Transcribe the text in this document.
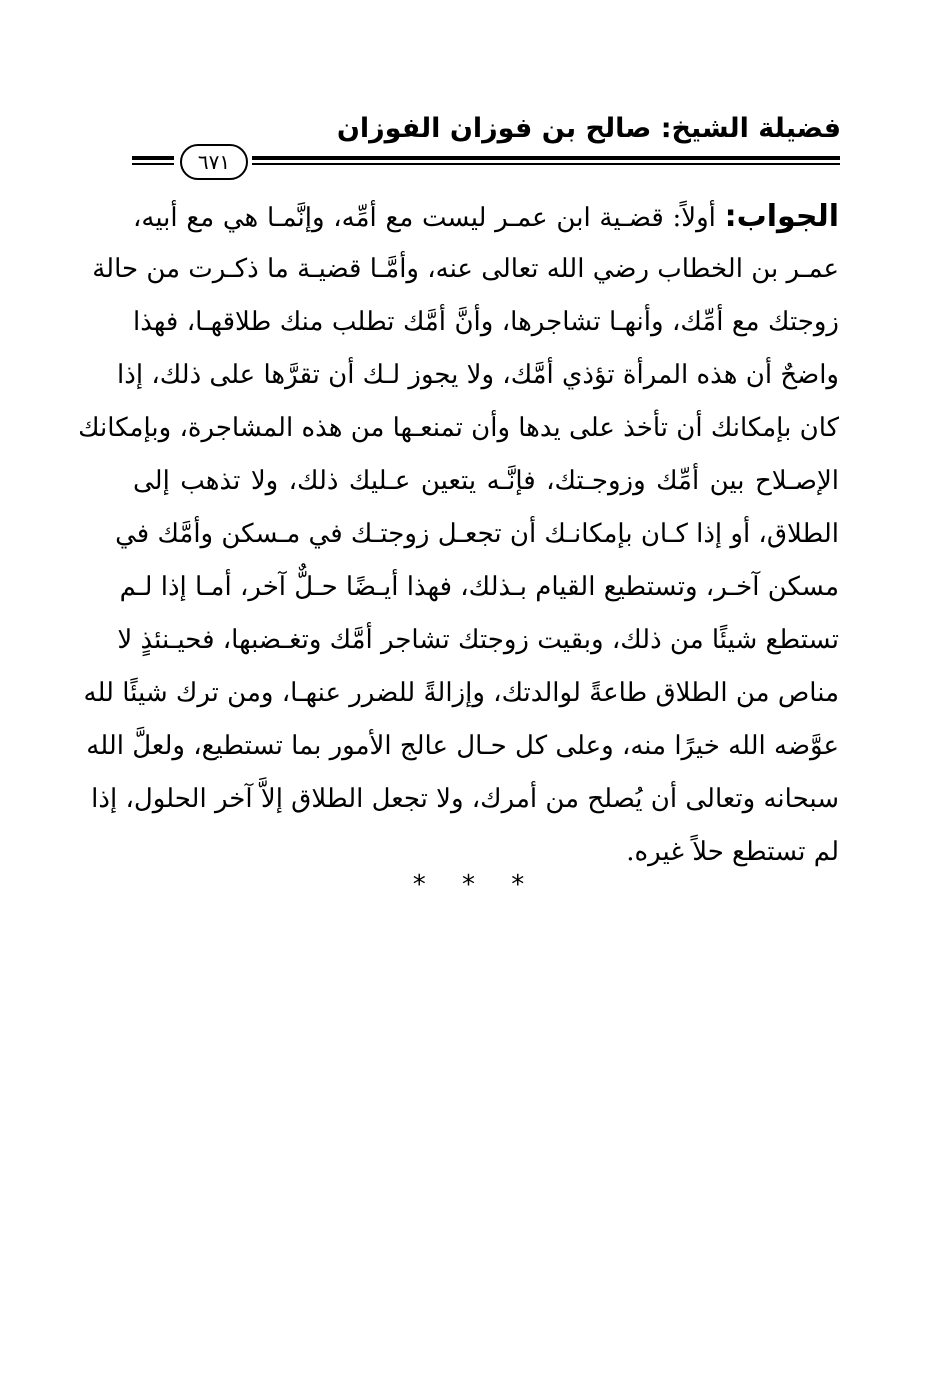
فضيلة الشيخ: صالح بن فوزان الفوزان
٦٧١
الجواب: أولاً: قضـية ابن عمـر ليست مع أمِّه، وإنَّمـا هي مع أبيه،
عمـر بن الخطاب رضي الله تعالى عنه، وأمَّـا قضيـة ما ذكـرت من حالة
زوجتك مع أمِّك، وأنهـا تشاجرها، وأنَّ أمَّك تطلب منك طلاقهـا، فهذا
واضحٌ أن هذه المرأة تؤذي أمَّك، ولا يجوز لـك أن تقرَّها على ذلك، إذا
كان بإمكانك أن تأخذ على يدها وأن تمنعـها من هذه المشاجرة، وبإمكانك
الإصـلاح بين أمِّك وزوجـتك، فإنَّـه يتعين عـليك ذلك، ولا تذهب إلى
الطلاق، أو إذا كـان بإمكانـك أن تجعـل زوجتـك في مـسكن وأمَّك في
مسكن آخـر، وتستطيع القيام بـذلك، فهذا أيـضًا حـلٌّ آخر، أمـا إذا لـم
تستطع شيئًا من ذلك، وبقيت زوجتك تشاجر أمَّك وتغـضبها، فحيـنئذٍ لا
مناص من الطلاق طاعةً لوالدتك، وإزالةً للضرر عنهـا، ومن ترك شيئًا لله
عوَّضه الله خيرًا منه، وعلى كل حـال عالج الأمور بما تستطيع، ولعلَّ الله
سبحانه وتعالى أن يُصلح من أمرك، ولا تجعل الطلاق إلاَّ آخر الحلول، إذا
لم تستطع حلاً غيره.
* * *
